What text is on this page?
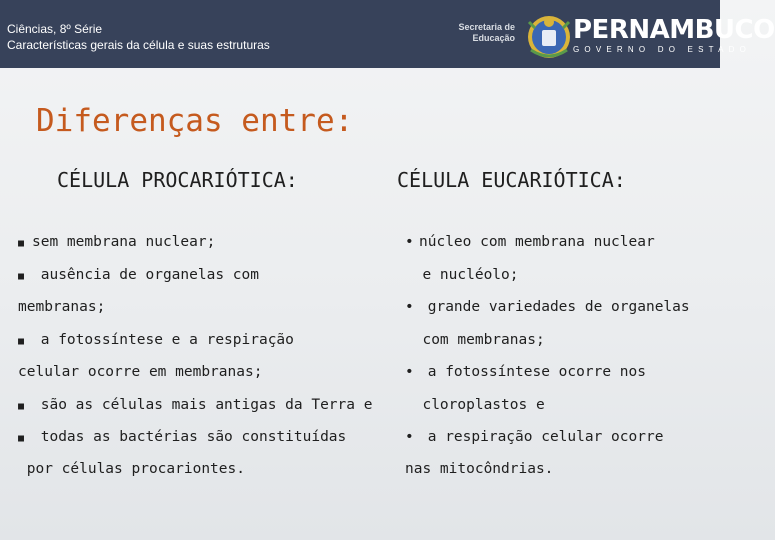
Ciências, 8º Série
Características gerais da célula e suas estruturas
Secretaria de
Educação PERNAMBUCO
GOVERNO DO ESTADO
Diferenças entre:
CÉLULA PROCARIÓTICA:	CÉLULA EUCARIÓTICA:
■ sem membrana nuclear;
■ ausência de organelas com
membranas;
■ a fotossíntese e a respiração
celular ocorre em membranas;
■ são as células mais antigas da Terra e
■ todas as bactérias são constituídas
por células procariontes.
• núcleo com membrana nuclear
e nucléolo;
• grande variedades de organelas
com membranas;
• a fotossíntese ocorre nos
cloroplastos e
• a respiração celular ocorre
nas mitocôndrias.
